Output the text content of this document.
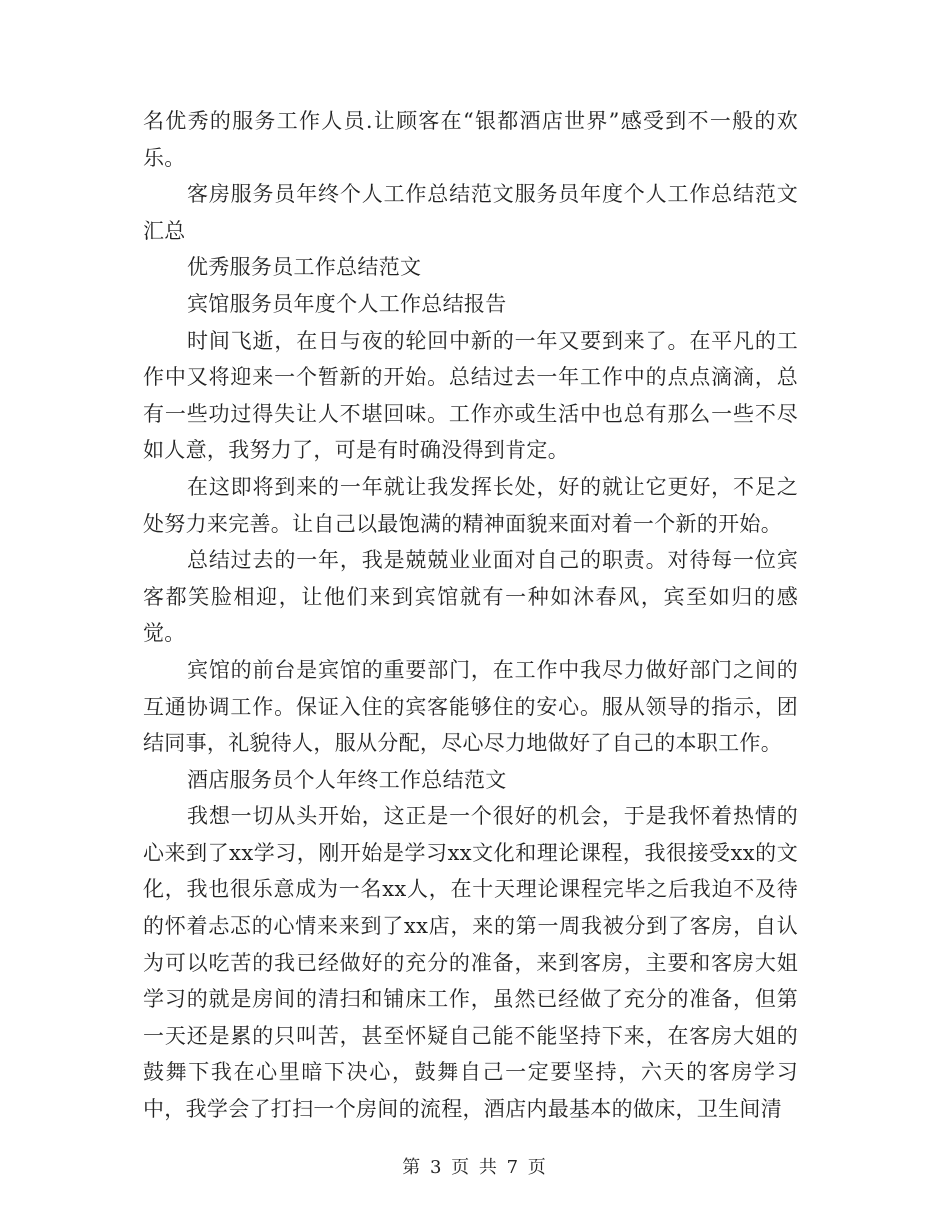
名优秀的服务工作人员.让顾客在“银都酒店世界”感受到不一般的欢乐。

客房服务员年终个人工作总结范文服务员年度个人工作总结范文汇总

优秀服务员工作总结范文

宾馆服务员年度个人工作总结报告

时间飞逝，在日与夜的轮回中新的一年又要到来了。在平凡的工作中又将迎来一个暂新的开始。总结过去一年工作中的点点滴滴，总有一些功过得失让人不堪回味。工作亦或生活中也总有那么一些不尽如人意，我努力了，可是有时确没得到肯定。

在这即将到来的一年就让我发挥长处，好的就让它更好，不足之处努力来完善。让自己以最饱满的精神面貌来面对着一个新的开始。

总结过去的一年，我是兢兢业业面对自己的职责。对待每一位宾客都笑脸相迎，让他们来到宾馆就有一种如沐春风，宾至如归的感觉。

宾馆的前台是宾馆的重要部门，在工作中我尽力做好部门之间的互通协调工作。保证入住的宾客能够住的安心。服从领导的指示，团结同事，礼貌待人，服从分配，尽心尽力地做好了自己的本职工作。

酒店服务员个人年终工作总结范文

我想一切从头开始，这正是一个很好的机会，于是我怀着热情的心来到了xx学习，刚开始是学习xx文化和理论课程，我很接受xx的文化，我也很乐意成为一名xx人，在十天理论课程完毕之后我迫不及待的怀着忐忑的心情来来到了xx店，来的第一周我被分到了客房，自认为可以吃苦的我已经做好的充分的准备，来到客房，主要和客房大姐学习的就是房间的清扫和铺床工作，虽然已经做了充分的准备，但第一天还是累的只叫苦，甚至怀疑自己能不能坚持下来，在客房大姐的鼓舞下我在心里暗下决心，鼓舞自己一定要坚持，六天的客房学习中，我学会了打扫一个房间的流程，酒店内最基本的做床，卫生间清

第 3 页 共 7 页
